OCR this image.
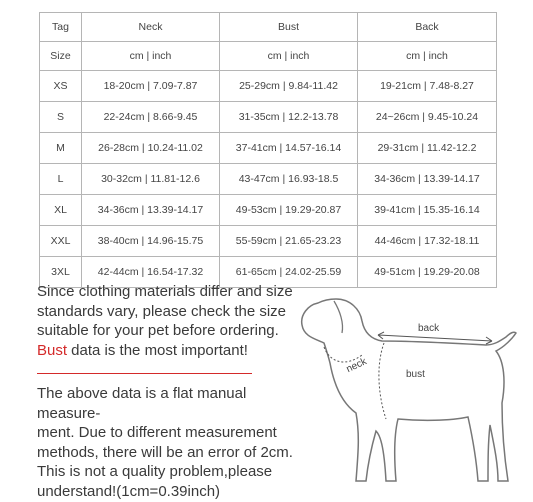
Tag	Neck	Bust	Back
Size	cm | inch	cm | inch	cm | inch
XS	18-20cm | 7.09-7.87	25-29cm | 9.84-11.42	19-21cm | 7.48-8.27
S	22-24cm | 8.66-9.45	31-35cm | 12.2-13.78	24~26cm | 9.45-10.24
M	26-28cm | 10.24-11.02	37-41cm | 14.57-16.14	29-31cm | 11.42-12.2
L	30-32cm | 11.81-12.6	43-47cm | 16.93-18.5	34-36cm | 13.39-14.17
XL	34-36cm | 13.39-14.17	49-53cm | 19.29-20.87	39-41cm | 15.35-16.14
XXL	38-40cm | 14.96-15.75	55-59cm | 21.65-23.23	44-46cm | 17.32-18.11
3XL	42-44cm | 16.54-17.32	61-65cm | 24.02-25.59	49-51cm | 19.29-20.08
Since clothing materials differ and size
standards vary, please check the size
suitable for your pet before ordering.
Bust data is the most important!
The above data is a flat manual measure-
ment. Due to different measurement
methods, there will be an error of 2cm.
This is not a quality problem,please
understand!(1cm=0.39inch)
back
neck	bust
